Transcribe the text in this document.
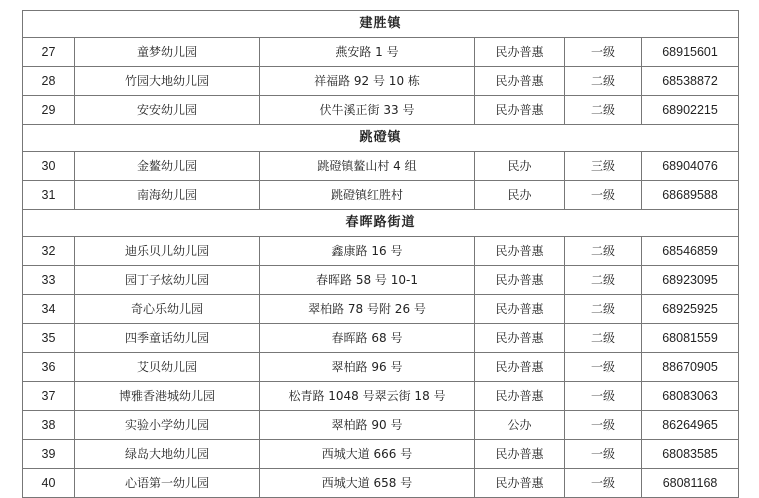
建胜镇					
27	童梦幼儿园	燕安路 1 号	民办普惠	一级	68915601
28	竹园大地幼儿园	祥福路 92 号 10 栋	民办普惠	二级	68538872
29	安安幼儿园	伏牛溪正街 33 号	民办普惠	二级	68902215
跳磴镇					
30	金鳌幼儿园	跳磴镇鳌山村 4 组	民办	三级	68904076
31	南海幼儿园	跳磴镇红胜村	民办	一级	68689588
春晖路街道					
32	迪乐贝儿幼儿园	鑫康路 16 号	民办普惠	二级	68546859
33	园丁子炫幼儿园	春晖路 58 号 10-1	民办普惠	二级	68923095
34	奇心乐幼儿园	翠柏路 78 号附 26 号	民办普惠	二级	68925925
35	四季童话幼儿园	春晖路 68 号	民办普惠	二级	68081559
36	艾贝幼儿园	翠柏路 96 号	民办普惠	一级	88670905
37	博雅香港城幼儿园	松青路 1048 号翠云街 18 号	民办普惠	一级	68083063
38	实验小学幼儿园	翠柏路 90 号	公办	一级	86264965
39	绿岛大地幼儿园	西城大道 666 号	民办普惠	一级	68083585
40	心语第一幼儿园	西城大道 658 号	民办普惠	一级	68081168
